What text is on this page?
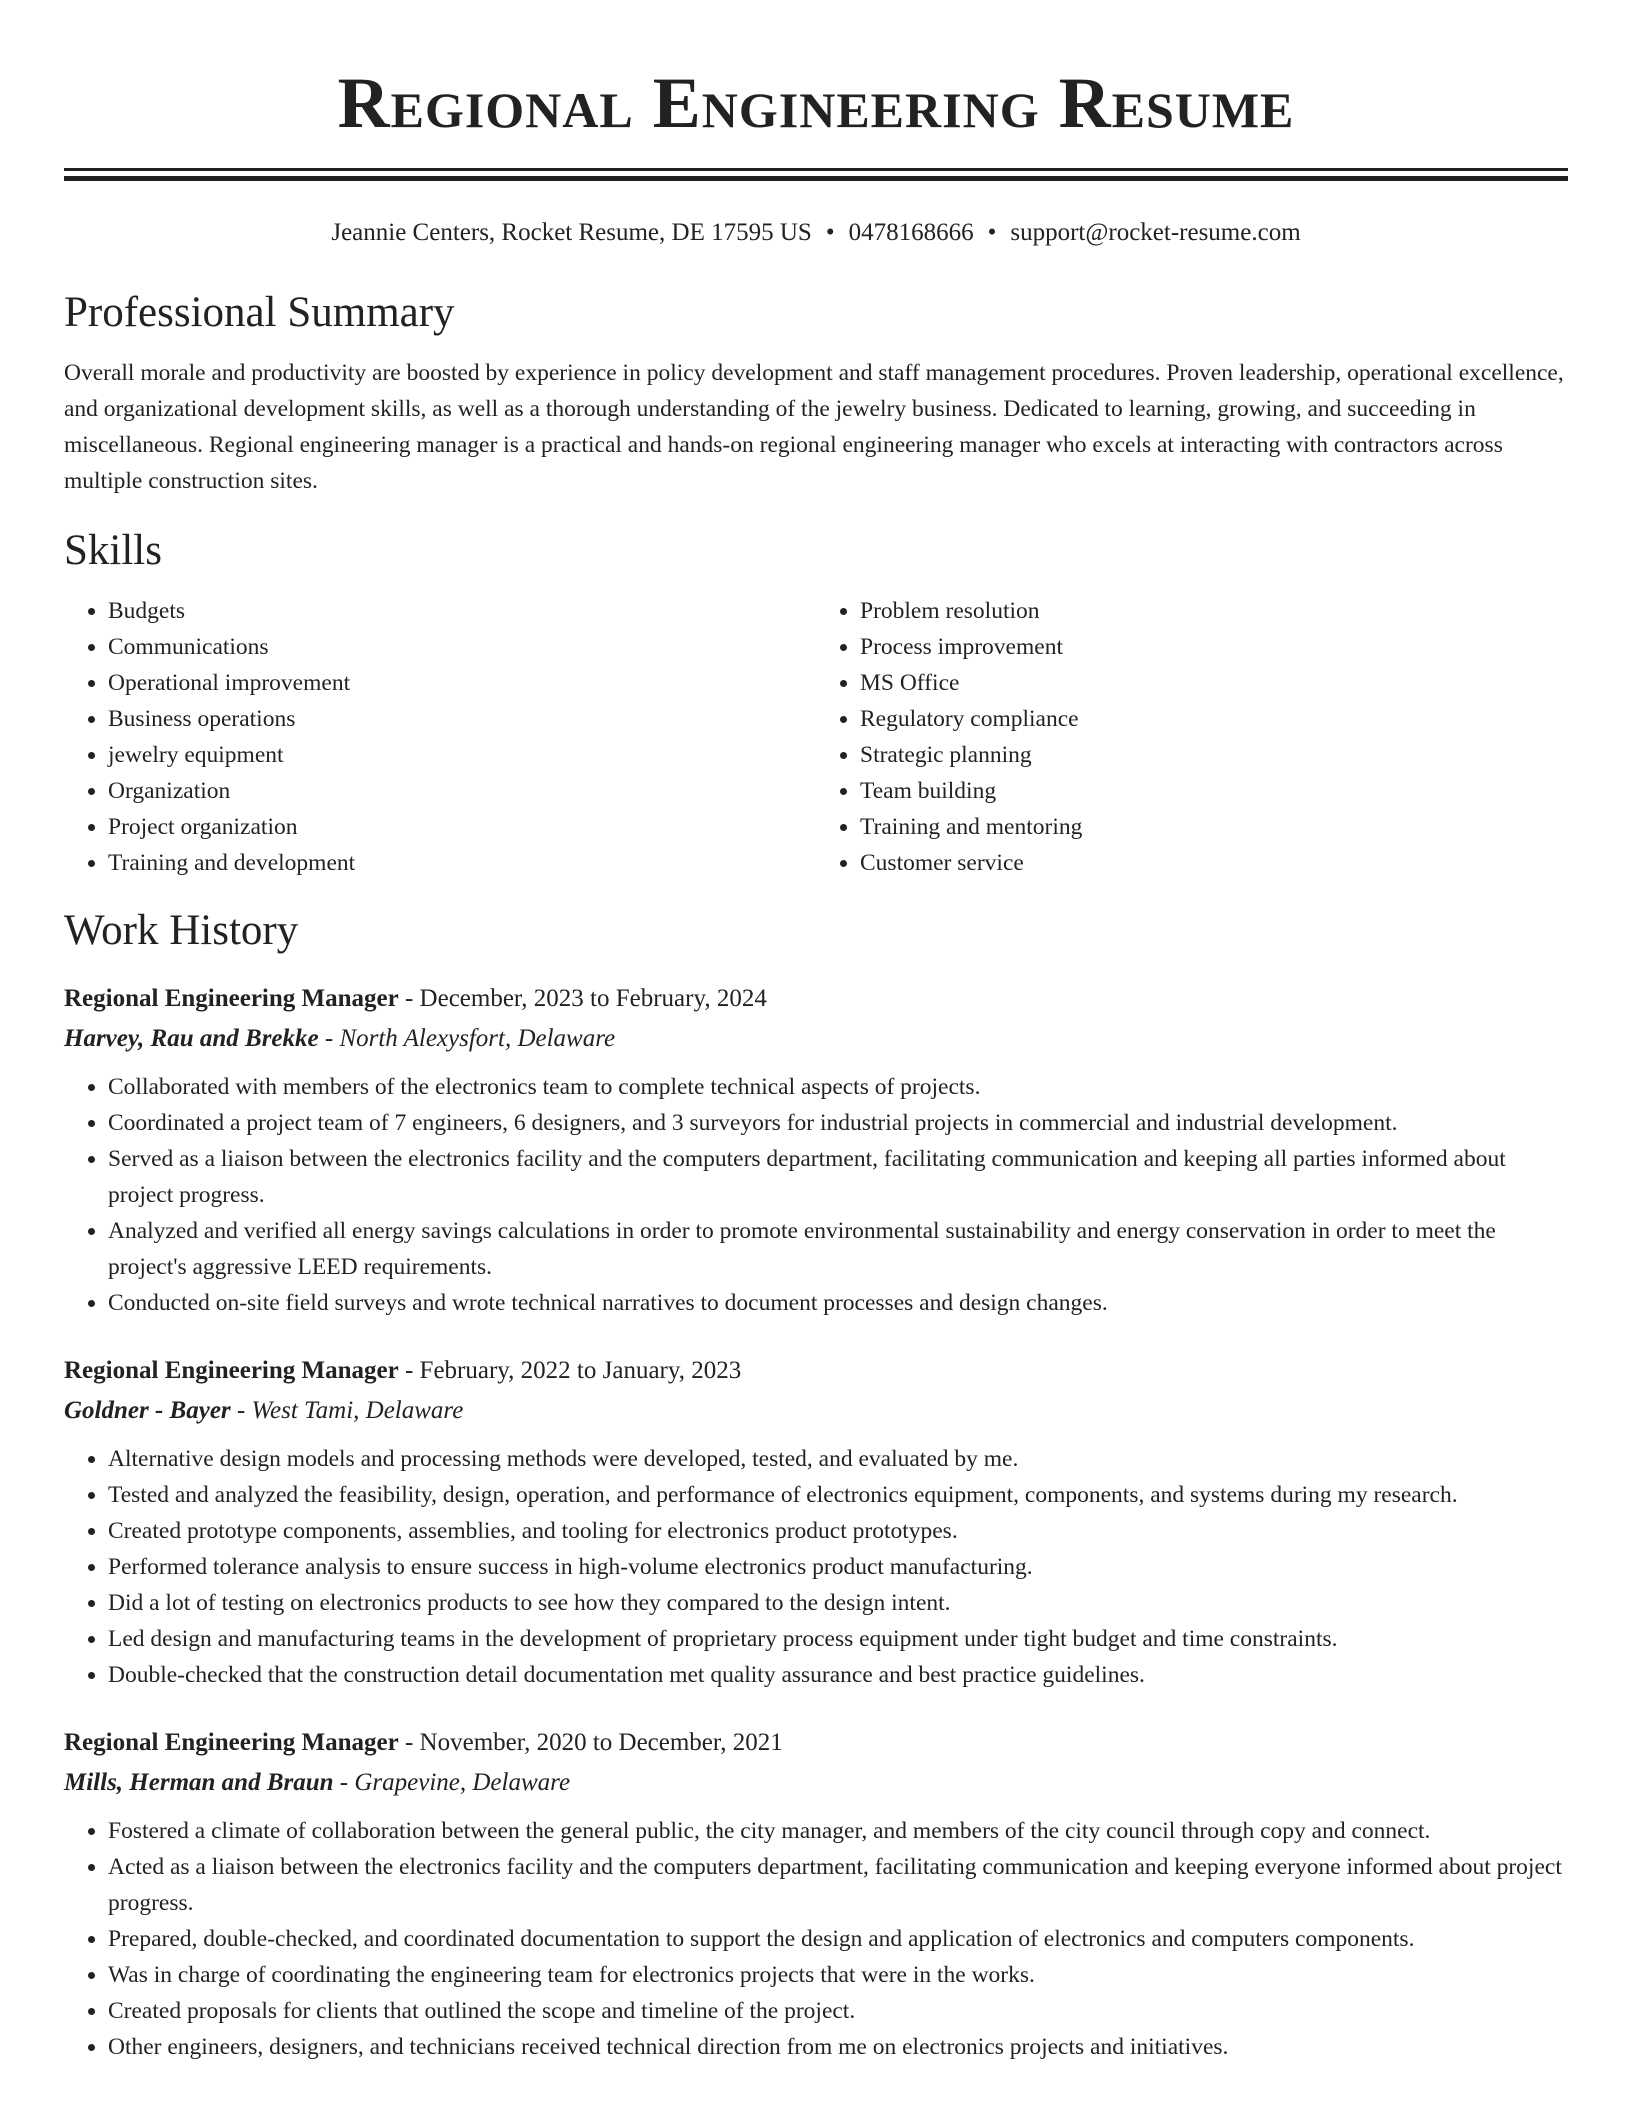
Regional Engineering Resume
Jeannie Centers, Rocket Resume, DE 17595 US • 0478168666 • support@rocket-resume.com
Professional Summary

Overall morale and productivity are boosted by experience in policy development and staff management procedures. Proven leadership, operational excellence, and organizational development skills, as well as a thorough understanding of the jewelry business. Dedicated to learning, growing, and succeeding in miscellaneous. Regional engineering manager is a practical and hands-on regional engineering manager who excels at interacting with contractors across multiple construction sites.

Skills
• Budgets
• Communications
• Operational improvement
• Business operations
• jewelry equipment
• Organization
• Project organization
• Training and development
• Problem resolution
• Process improvement
• MS Office
• Regulatory compliance
• Strategic planning
• Team building
• Training and mentoring
• Customer service
Work History

Regional Engineering Manager - December, 2023 to February, 2024

Harvey, Rau and Brekke - North Alexysfort, Delaware

• Collaborated with members of the electronics team to complete technical aspects of projects.
• Coordinated a project team of 7 engineers, 6 designers, and 3 surveyors for industrial projects in commercial and industrial development.
• Served as a liaison between the electronics facility and the computers department, facilitating communication and keeping all parties informed about project progress.
• Analyzed and verified all energy savings calculations in order to promote environmental sustainability and energy conservation in order to meet the project's aggressive LEED requirements.
• Conducted on-site field surveys and wrote technical narratives to document processes and design changes.

Regional Engineering Manager - February, 2022 to January, 2023

Goldner - Bayer - West Tami, Delaware

• Alternative design models and processing methods were developed, tested, and evaluated by me.
• Tested and analyzed the feasibility, design, operation, and performance of electronics equipment, components, and systems during my research.
• Created prototype components, assemblies, and tooling for electronics product prototypes.
• Performed tolerance analysis to ensure success in high-volume electronics product manufacturing.
• Did a lot of testing on electronics products to see how they compared to the design intent.
• Led design and manufacturing teams in the development of proprietary process equipment under tight budget and time constraints.
• Double-checked that the construction detail documentation met quality assurance and best practice guidelines.

Regional Engineering Manager - November, 2020 to December, 2021

Mills, Herman and Braun - Grapevine, Delaware

• Fostered a climate of collaboration between the general public, the city manager, and members of the city council through copy and connect.
• Acted as a liaison between the electronics facility and the computers department, facilitating communication and keeping everyone informed about project progress.
• Prepared, double-checked, and coordinated documentation to support the design and application of electronics and computers components.
• Was in charge of coordinating the engineering team for electronics projects that were in the works.
• Created proposals for clients that outlined the scope and timeline of the project.
• Other engineers, designers, and technicians received technical direction from me on electronics projects and initiatives.
